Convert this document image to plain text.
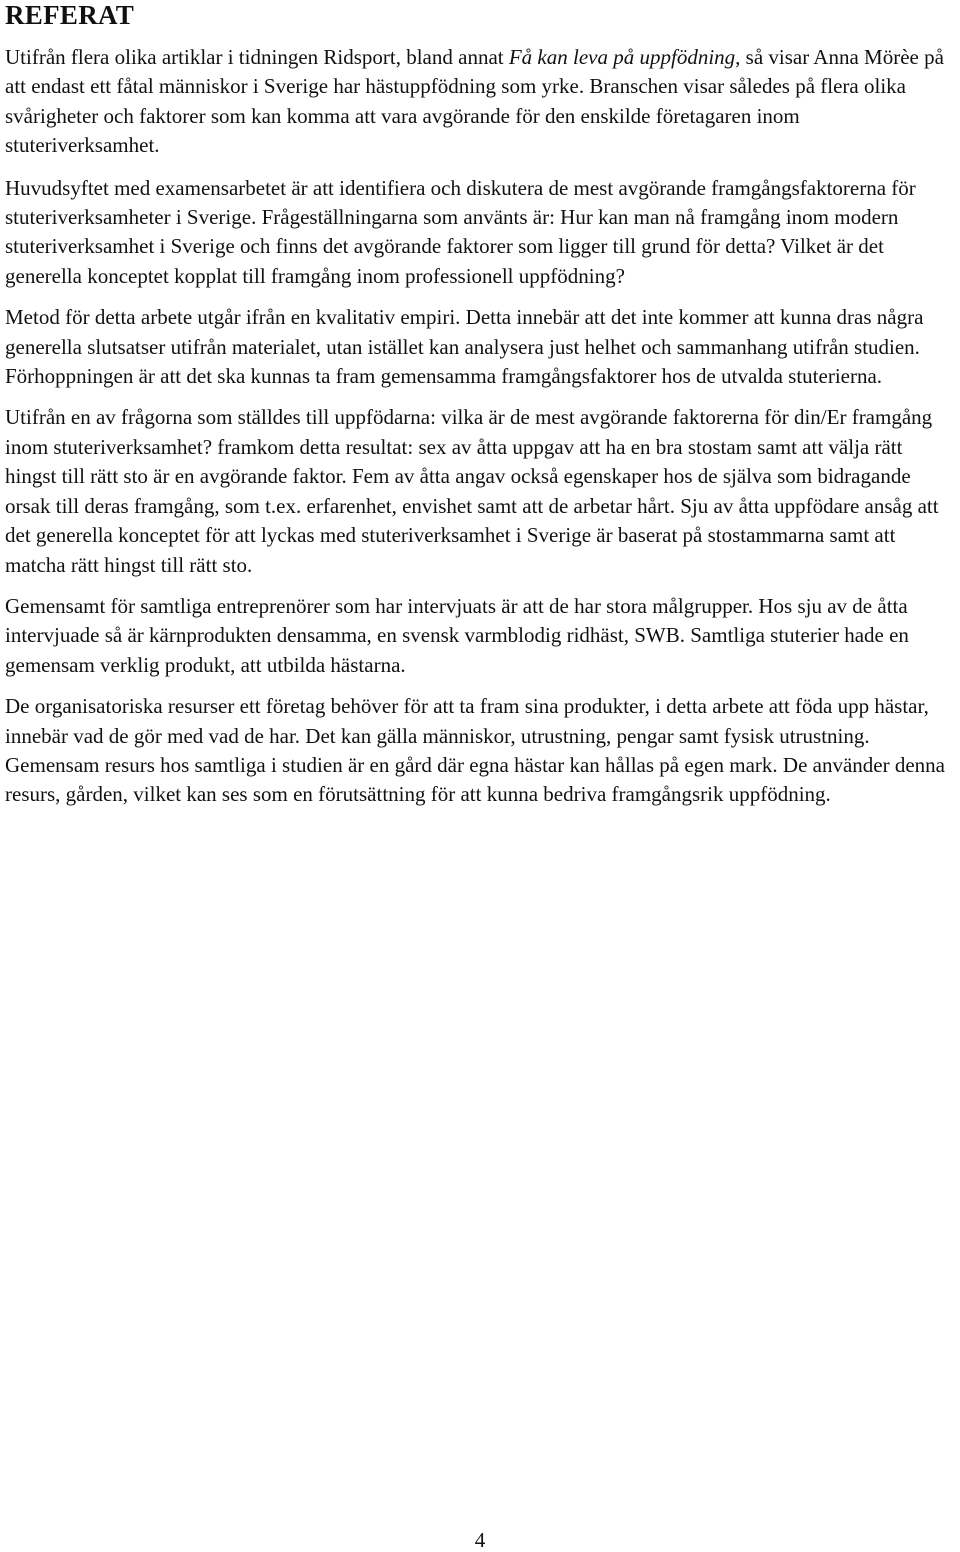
REFERAT

Utifrån flera olika artiklar i tidningen Ridsport, bland annat Få kan leva på uppfödning, så visar Anna Mörèe på att endast ett fåtal människor i Sverige har hästuppfödning som yrke. Branschen visar således på flera olika svårigheter och faktorer som kan komma att vara avgörande för den enskilde företagaren inom stuteriverksamhet.

Huvudsyftet med examensarbetet är att identifiera och diskutera de mest avgörande framgångsfaktorerna för stuteriverksamheter i Sverige. Frågeställningarna som använts är: Hur kan man nå framgång inom modern stuteriverksamhet i Sverige och finns det avgörande faktorer som ligger till grund för detta? Vilket är det generella konceptet kopplat till framgång inom professionell uppfödning?

Metod för detta arbete utgår ifrån en kvalitativ empiri. Detta innebär att det inte kommer att kunna dras några generella slutsatser utifrån materialet, utan istället kan analysera just helhet och sammanhang utifrån studien. Förhoppningen är att det ska kunnas ta fram gemensamma framgångsfaktorer hos de utvalda stuterierna.

Utifrån en av frågorna som ställdes till uppfödarna: vilka är de mest avgörande faktorerna för din/Er framgång inom stuteriverksamhet? framkom detta resultat: sex av åtta uppgav att ha en bra stostam samt att välja rätt hingst till rätt sto är en avgörande faktor. Fem av åtta angav också egenskaper hos de själva som bidragande orsak till deras framgång, som t.ex. erfarenhet, envishet samt att de arbetar hårt. Sju av åtta uppfödare ansåg att det generella konceptet för att lyckas med stuteriverksamhet i Sverige är baserat på stostammarna samt att matcha rätt hingst till rätt sto.

Gemensamt för samtliga entreprenörer som har intervjuats är att de har stora målgrupper. Hos sju av de åtta intervjuade så är kärnprodukten densamma, en svensk varmblodig ridhäst, SWB. Samtliga stuterier hade en gemensam verklig produkt, att utbilda hästarna.

De organisatoriska resurser ett företag behöver för att ta fram sina produkter, i detta arbete att föda upp hästar, innebär vad de gör med vad de har. Det kan gälla människor, utrustning, pengar samt fysisk utrustning. Gemensam resurs hos samtliga i studien är en gård där egna hästar kan hållas på egen mark. De använder denna resurs, gården, vilket kan ses som en förutsättning för att kunna bedriva framgångsrik uppfödning.

4
